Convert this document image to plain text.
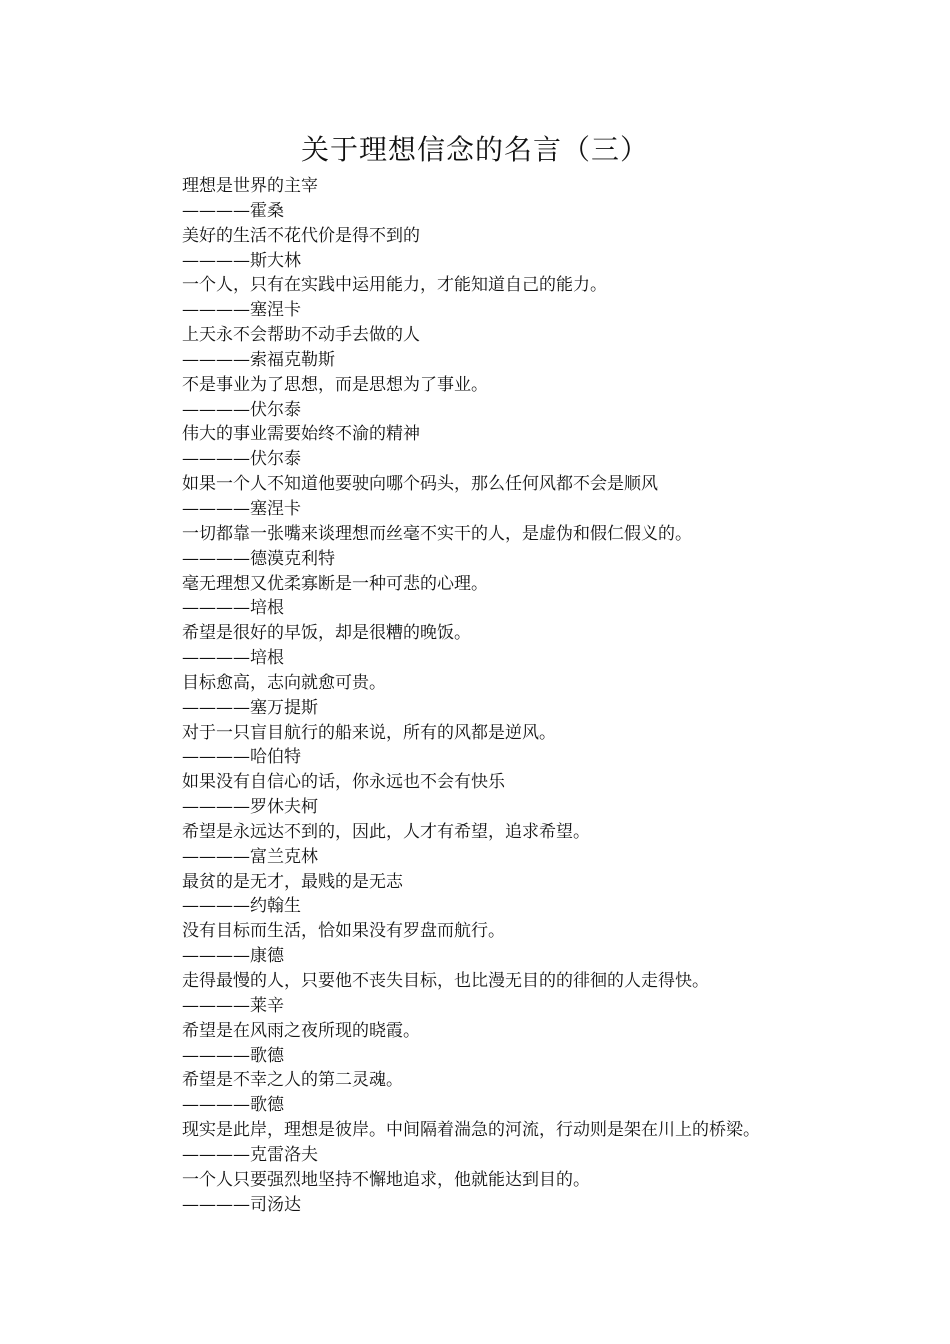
关于理想信念的名言（三）

理想是世界的主宰

————霍桑

美好的生活不花代价是得不到的

————斯大林

一个人，只有在实践中运用能力，才能知道自己的能力。

————塞涅卡

上天永不会帮助不动手去做的人

————索福克勒斯

不是事业为了思想，而是思想为了事业。

————伏尔泰

伟大的事业需要始终不渝的精神

————伏尔泰

如果一个人不知道他要驶向哪个码头，那么任何风都不会是顺风

————塞涅卡

一切都靠一张嘴来谈理想而丝毫不实干的人，是虚伪和假仁假义的。

————德漠克利特

毫无理想又优柔寡断是一种可悲的心理。

————培根

希望是很好的早饭，却是很糟的晚饭。

————培根

目标愈高，志向就愈可贵。

————塞万提斯

对于一只盲目航行的船来说，所有的风都是逆风。

————哈伯特

如果没有自信心的话，你永远也不会有快乐

————罗休夫柯

希望是永远达不到的，因此，人才有希望，追求希望。

————富兰克林

最贫的是无才，最贱的是无志

————约翰生

没有目标而生活，恰如果没有罗盘而航行。

————康德

走得最慢的人，只要他不丧失目标，也比漫无目的的徘徊的人走得快。

————莱辛

希望是在风雨之夜所现的晓霞。

————歌德

希望是不幸之人的第二灵魂。

————歌德

现实是此岸，理想是彼岸。中间隔着湍急的河流，行动则是架在川上的桥梁。

————克雷洛夫

一个人只要强烈地坚持不懈地追求，他就能达到目的。

————司汤达
